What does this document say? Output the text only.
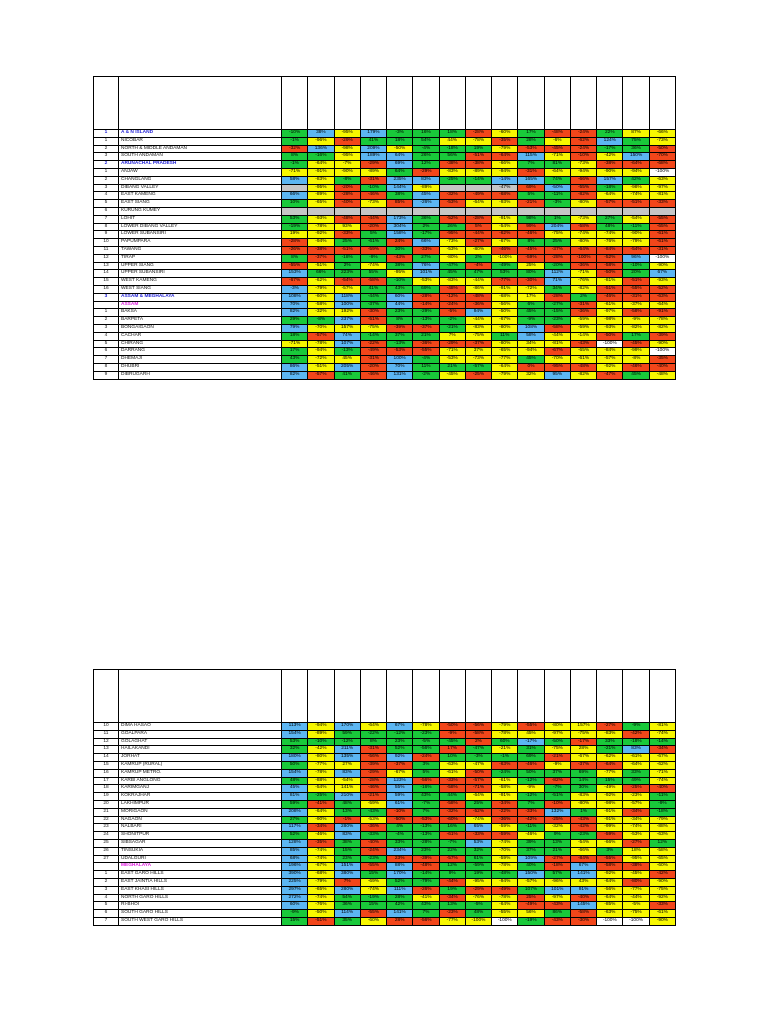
1	A & N ISLAND	-10%	38%	-95%	179%	-3%	16%	18%	-28%	-60%	17%	-48%	-24%	22%	87%	-66%
1	NICOBAR	-1%	-96%	-29%	41%	18%	54%	44%	-78%	-35%	28%	-6%	-62%	124%	75%	-73%
2	NORTH & MIDDLE ANDAMAN	-32%	136%	-98%	209%	-50%	-4%	-18%	19%	-79%	-53%	-45%	-24%	-17%	36%	-50%
3	SOUTH ANDAMAN	8%	-16%	-95%	189%	64%	26%	56%	-51%	-64%	115%	-71%	-10%	-42%	150%	-70%
2	ARUNACHAL PRADESH	-1%	-64%	-7%	-29%	69%	12%	-38%	-38%	-66%	7%	81%	-73%	-38%	-64%	-68%
1	ANJAW	-71%	-91%	-90%	-89%	64%	-29%	-83%	-89%	-94%	-31%	-64%	-94%	-90%	-94%	-100%
2	CHANGLANG	58%	-83%	-8%	-31%	235%	83%	-25%	-14%	-14%	165%	74%	-66%	157%	42%	-63%
3	DIBANG VALLEY		-95%	-20%	-10%	144%	-89%			-47%	69%	-50%	-55%	-18%	-98%	-97%
4	EAST KAMENG	66%	-89%	-28%	-46%	38%	45%	-32%	-49%	-68%	5%	-11%	-82%	-64%	-74%	-81%
5	EAST SIANG	10%	-65%	-40%	-73%	85%	-26%	-53%	-64%	-93%	-21%	-3%	-80%	-57%	-51%	-33%
6	KURUNG KUMEY															
7	LOHIT	53%	-93%	-48%	-44%	173%	36%	-52%	-28%	-91%	98%	1%	-73%	27%	-54%	-55%
8	LOWER DIBANG VALLEY	-19%	-78%	93%	-20%	304%	2%	26%	5%	-54%	99%	204%	-58%	48%	-11%	-65%
9	LOWER SUBANSIRI	19%	-92%	-33%	5%	158%	-17%	-95%	-44%	-62%	-46%	-75%	-74%	-74%	-90%	-61%
10	PAPUMPARA	-28%	-94%	25%	-61%	24%	66%	-73%	-27%	-67%	8%	25%	-80%	-76%	-79%	-61%
11	TAWANG	-26%	-38%	-51%	-59%	30%	-33%	-53%	-80%	-46%	-45%	-37%	-64%	-84%	-54%	-31%
12	TIRAP	8%	-37%	-18%	-9%	-43%	27%	-80%	2%	-100%	-59%	-28%	-100%	-52%	96%	-100%
13	UPPER SIANG	-55%	-51%	2%	-74%	38%	76%	-47%	-4%	-49%	25%	-20%	-36%	-58%	-10%	-90%
14	UPPER SUBANSIRI	153%	66%	223%	55%	-95%	101%	45%	47%	53%	80%	112%	-71%	-50%	20%	67%
15	WEST KAMENG	-67%	-62%	-54%	-58%	-10%	-53%	-83%	-44%	-77%	-30%	71%	-76%	-81%	-51%	-93%
16	WEST SIANG	-3%	-79%	-57%	41%	43%	69%	-48%	-86%	-91%	-72%	34%	-82%	-51%	-55%	-52%
3	ASSAM & MEGHALAYA	108%	-60%	118%	-44%	60%	-28%	-12%	-48%	-68%	17%	-28%	2%	-46%	-31%	-63%
	ASSAM	70%	-58%	100%	-37%	44%	-14%	-24%	-36%	-56%	6%	-27%	-31%	-61%	-37%	-64%
1	BAKSA	82%	-32%	192%	-30%	23%	-29%	-5%	94%	-50%	45%	-15%	-36%	-97%	-58%	-91%
2	BARPETA	29%	-8%	237%	-51%	8%	-13%	-2%	-44%	-67%	-9%	-23%	-59%	-98%	-9%	-78%
3	BONGAIGAON	79%	-70%	157%	-75%	-39%	-37%	-21%	-83%	-80%	108%	-58%	-59%	-93%	-82%	-82%
4	CACHAR	18%	-57%	74%	-14%	37%	21%	7%	-75%	11%	58%	-44%	-14%	-50%	17%	-39%
5	CHIRANG	-71%	-78%	107%	-22%	-13%	-36%	-29%	-37%	-80%	34%	-81%	-43%	-100%	-45%	-90%
6	DARRANG	17%	-94%	-13%	-49%	-53%	-55%	-71%	37%	-65%	-94%	-67%	-65%	-84%	-99%	-100%
7	DHEMAJI	43%	-72%	45%	-31%	100%	-4%	-53%	-73%	-77%	45%	-70%	-61%	-57%	-8%	-35%
8	DHUBRI	86%	-51%	205%	-20%	70%	11%	21%	-57%	-64%	0%	-95%	-48%	-92%	-46%	-40%
9	DIBRUGARH	82%	-57%	41%	-46%	131%	-2%	-45%	-25%	-79%	32%	95%	-82%	-47%	45%	-48%

10	DIMA HASAO	113%	-94%	170%	-64%	67%	-78%	-50%	-56%	-79%	-55%	-80%	157%	-27%	-9%	-81%
11	GOALPARA	154%	-89%	59%	-22%	-12%	-23%	-9%	-58%	-78%	45%	-97%	-75%	-83%	-42%	-74%
12	GOLAGHAT	53%	-10%	-12%	8%	23%	-5%	-45%	2%	60%	-17%	-50%	-17%	33%	-18%	-14%
13	HAILAKANDI	32%	-42%	211%	-31%	52%	-56%	17%	-47%	-21%	31%	-75%	28%	-21%	83%	-34%
14	JORHAT	180%	-80%	135%	-56%	92%	-24%	10%	-3%	-1%	69%	-21%	-67%	-62%	-61%	-67%
15	KAMRUP (RURAL)	50%	-77%	27%	-39%	-37%	3%	-63%	-47%	-63%	-46%	-9%	-37%	-64%	-64%	-62%
16	KAMRUP METRO.	154%	-78%	83%	-29%	-67%	5%	-61%	-50%	-24%	50%	37%	69%	-77%	33%	-71%
17	KARBI ANGLONG	48%	-88%	-54%	-28%	123%	-56%	-33%	-57%	-61%	-12%	-82%	14%	15%	49%	-74%
18	KARIMGANJ	45%	-54%	141%	-46%	55%	-16%	-58%	-71%	-58%	-9%	-7%	30%	-49%	-25%	-40%
19	KOKRAJHAR	81%	-25%	210%	-21%	59%	43%	44%	-64%	-91%	-12%	-51%	-83%	-92%	-23%	-11%
20	LAKHIMPUR	59%	-41%	48%	-59%	61%	-7%	-58%	25%	-34%	7%	-10%	-80%	-98%	-57%	-9%
21	MORIGAON	208%	-64%	13%	-43%	-10%	7%	-32%	-52%	-22%	-33%	132%	1%	-91%	-34%	-18%
22	NAGAON	27%	-90%	-1%	-53%	-50%	-53%	-60%	-74%	-36%	-42%	-25%	-43%	-91%	-34%	-79%
23	NALBARI	117%	-34%	280%	-36%	4%	-13%	16%	65%	-59%	-11%	-32%	-42%	-99%	-74%	-88%
24	SHONITPUR	52%	-46%	83%	-33%	-4%	-13%	-61%	-33%	-59%	-46%	9%	-23%	-59%	-53%	-63%
25	SIBSAGAR	128%	-35%	38%	-40%	33%	-28%	-7%	53%	-74%	39%	13%	-54%	-66%	-27%	12%
26	TINSUKIA	85%	-74%	15%	-24%	234%	23%	22%	32%	-70%	37%	21%	-66%	3%	18%	-58%
27	UDALGURI	68%	-74%	23%	-23%	23%	-39%	-57%	61%	-59%	109%	-27%	-84%	-55%	-95%	-65%
	MEGHALAYA	196%	-67%	151%	-55%	88%	-48%	12%	-59%	-78%	40%	-18%	67%	-58%	-38%	-60%
1	EAST GARO HILLS	390%	-68%	380%	15%	170%	-14%	9%	19%	-48%	150%	57%	141%	-92%	-45%	-42%
2	EAST JAINTIA HILLS	225%	-79%	7%	-69%	52%	-79%	-44%	-95%	-94%	-57%	-96%	43%	-64%	-80%	-90%
3	EAST KHASI HILLS	297%	-65%	280%	-74%	111%	-26%	19%	-29%	-49%	107%	101%	91%	-56%	-77%	-75%
4	NORTH GARO HILLS	272%	-74%	54%	-19%	28%	-41%	-34%	-76%	-78%	25%	-97%	-40%	-64%	-44%	-92%
5	RI-BHOI	60%	-76%	36%	15%	42%	43%	13%	-5%	-64%	-49%	-43%	145%	-85%	-5%	-33%
6	SOUTH GARO HILLS	-9%	-50%	114%	-55%	141%	7%	-23%	48%	-55%	56%	86%	-58%	-63%	-75%	-61%
7	SOUTH WEST GARO HILLS	15%	-51%	35%	-60%	28%	-56%	-77%	-100%	-100%	-19%	-43%	-30%	-100%	-100%	-90%
